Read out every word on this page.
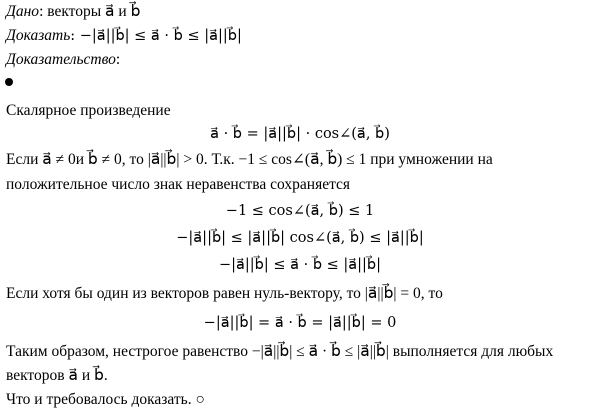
Дано: векторы a⃗ и b⃗
Доказать: −|a⃗||b⃗| ≤ a⃗ · b⃗ ≤ |a⃗||b⃗|
Доказательство:
Скалярное произведение
a⃗ · b⃗ = |a⃗||b⃗| · cos∠(a⃗, b⃗)
Если a⃗ ≠ 0и b⃗ ≠ 0, то |a⃗||b⃗| > 0. Т.к. −1 ≤ cos∠(a⃗, b⃗) ≤ 1 при умножении на
положительное число знак неравенства сохраняется
−1 ≤ cos∠(a⃗, b⃗) ≤ 1
−|a⃗||b⃗| ≤ |a⃗||b⃗| cos∠(a⃗, b⃗) ≤ |a⃗||b⃗|
−|a⃗||b⃗| ≤ a⃗ · b⃗ ≤ |a⃗||b⃗|
Если хотя бы один из векторов равен нуль-вектору, то |a⃗||b⃗| = 0, то
−|a⃗||b⃗| = a⃗ · b⃗ = |a⃗||b⃗| = 0
Таким образом, нестрогое равенство −|a⃗||b⃗| ≤ a⃗ · b⃗ ≤ |a⃗||b⃗| выполняется для любых
векторов a⃗ и b⃗.
Что и требовалось доказать. ○
